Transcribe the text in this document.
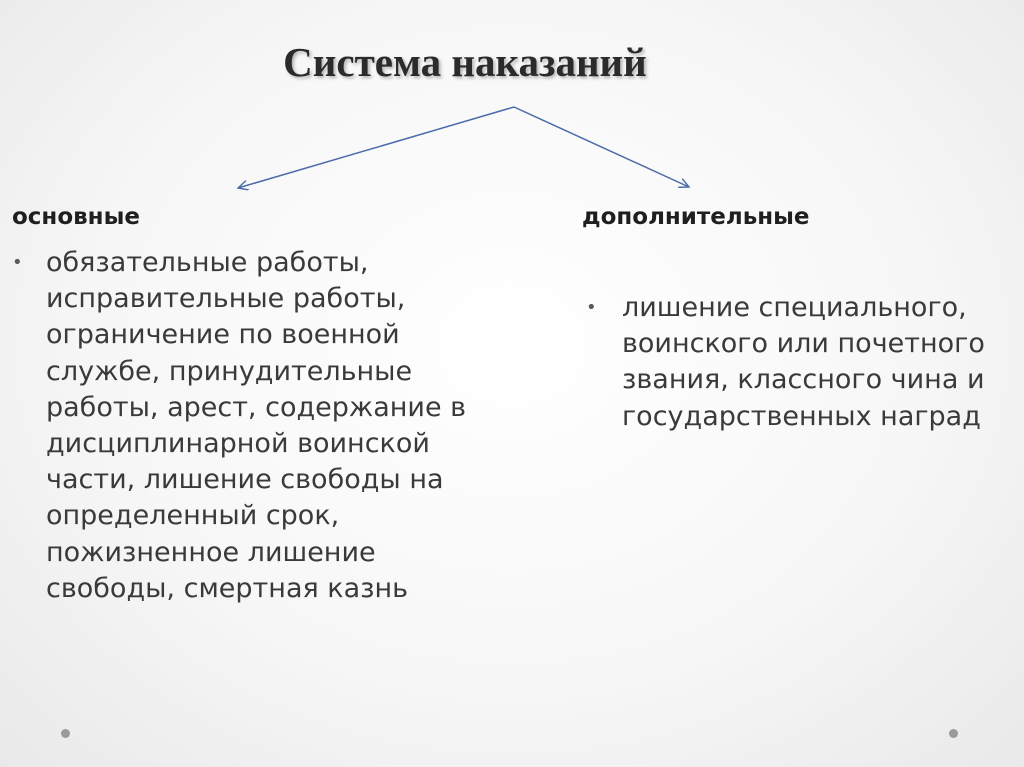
Система наказаний
основные
• обязательные работы, исправительные работы, ограничение по военной службе, принудительные работы, арест, содержание в дисциплинарной воинской части, лишение свободы на определенный срок, пожизненное лишение свободы, смертная казнь

дополнительные
• лишение специального, воинского или почетного звания, классного чина и государственных наград
